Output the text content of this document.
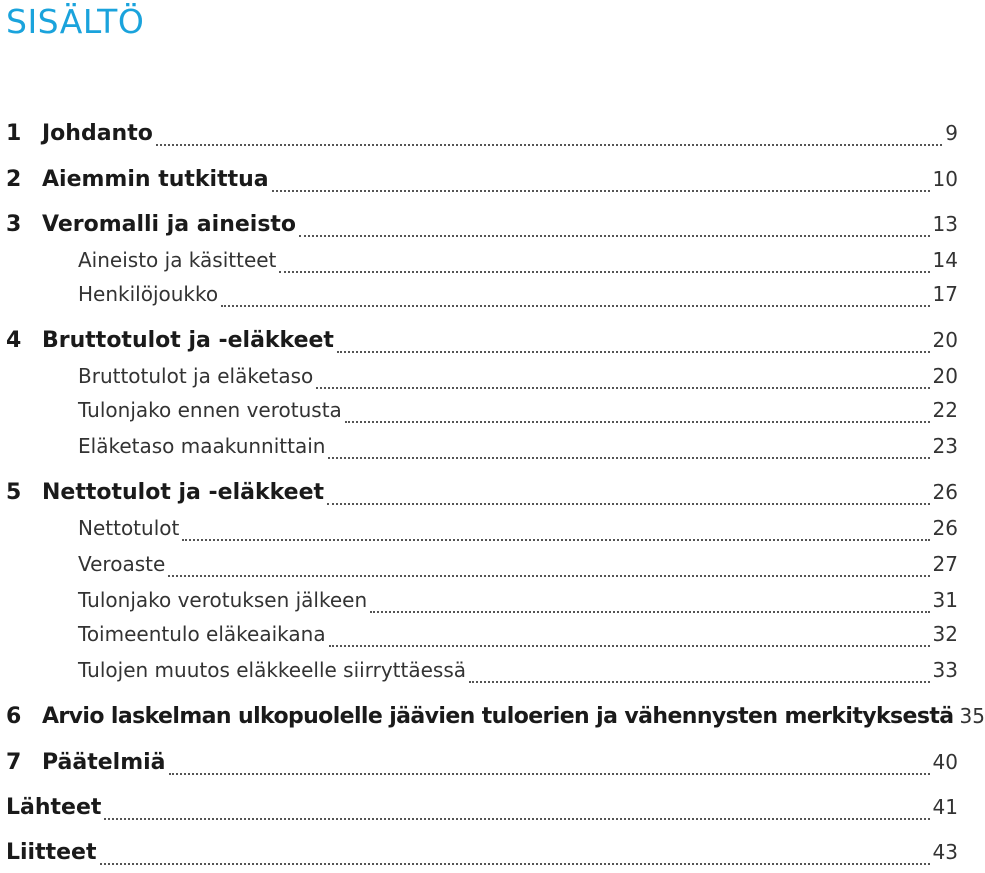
SISÄLTÖ
1 Johdanto	9
2 Aiemmin tutkittua	10
3 Veromalli ja aineisto	13
Aineisto ja käsitteet	14
Henkilöjoukko	17
4 Bruttotulot ja -eläkkeet	20
Bruttotulot ja eläketaso	20
Tulonjako ennen verotusta	22
Eläketaso maakunnittain	23
5 Nettotulot ja -eläkkeet	26
Nettotulot	26
Veroaste	27
Tulonjako verotuksen jälkeen	31
Toimeentulo eläkeaikana	32
Tulojen muutos eläkkeelle siirryttäessä	33
6 Arvio laskelman ulkopuolelle jäävien tuloerien ja vähennysten merkityksestä 35
7 Päätelmiä	40
Lähteet	41
Liitteet	43
